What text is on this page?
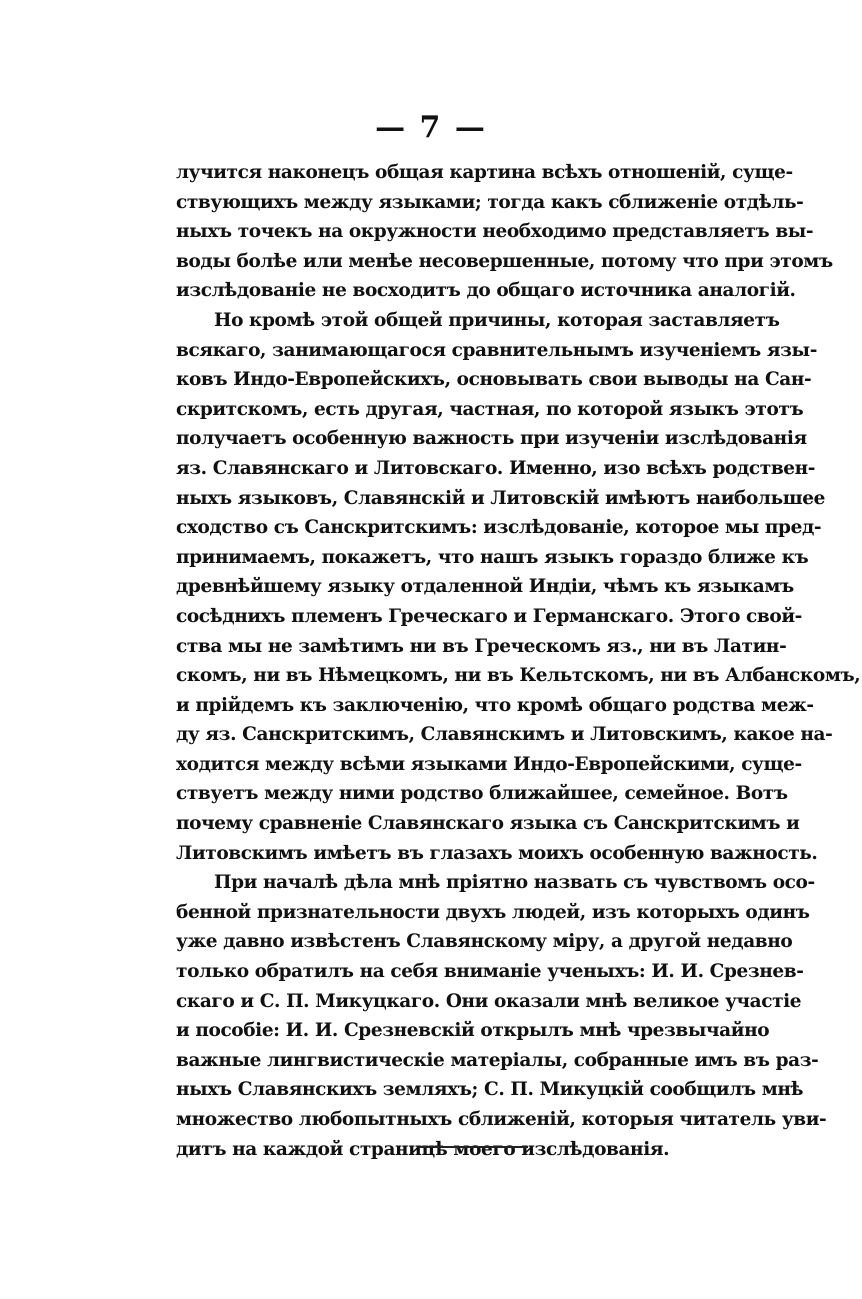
— 7 —
лучится наконецъ общая картина всѣхъ отношеній, суще-
ствующихъ между языками; тогда какъ сближеніе отдѣль-
ныхъ точекъ на окружности необходимо представляетъ вы-
воды болѣе или менѣе несовершенные, потому что при этомъ
изслѣдованіе не восходитъ до общаго источника аналогій.
Но кромѣ этой общей причины, которая заставляетъ
всякаго, занимающагося сравнительнымъ изученіемъ язы-
ковъ Индо-Европейскихъ, основывать свои выводы на Сан-
скритскомъ, есть другая, частная, по которой языкъ этотъ
получаетъ особенную важность при изученіи изслѣдованія
яз. Славянскаго и Литовскаго. Именно, изо всѣхъ родствен-
ныхъ языковъ, Славянскій и Литовскій имѣютъ наибольшее
сходство съ Санскритскимъ: изслѣдованіе, которое мы пред-
принимаемъ, покажетъ, что нашъ языкъ гораздо ближе къ
древнѣйшему языку отдаленной Индіи, чѣмъ къ языкамъ
сосѣднихъ племенъ Греческаго и Германскаго. Этого свой-
ства мы не замѣтимъ ни въ Греческомъ яз., ни въ Латин-
скомъ, ни въ Нѣмецкомъ, ни въ Кельтскомъ, ни въ Албанскомъ,
и прійдемъ къ заключенію, что кромѣ общаго родства меж-
ду яз. Санскритскимъ, Славянскимъ и Литовскимъ, какое на-
ходится между всѣми языками Индо-Европейскими, суще-
ствуетъ между ними родство ближайшее, семейное. Вотъ
почему сравненіе Славянскаго языка съ Санскритскимъ и
Литовскимъ имѣетъ въ глазахъ моихъ особенную важность.
При началѣ дѣла мнѣ пріятно назвать съ чувствомъ осо-
бенной признательности двухъ людей, изъ которыхъ одинъ
уже давно извѣстенъ Славянскому міру, а другой недавно
только обратилъ на себя вниманіе ученыхъ: И. И. Срезнев-
скаго и С. П. Микуцкаго. Они оказали мнѣ великое участіе
и пособіе: И. И. Срезневскій открылъ мнѣ чрезвычайно
важные лингвистическіе матеріалы, собранные имъ въ раз-
ныхъ Славянскихъ земляхъ; С. П. Микуцкій сообщилъ мнѣ
множество любопытныхъ сближеній, которыя читатель уви-
дитъ на каждой страницѣ моего изслѣдованія.
